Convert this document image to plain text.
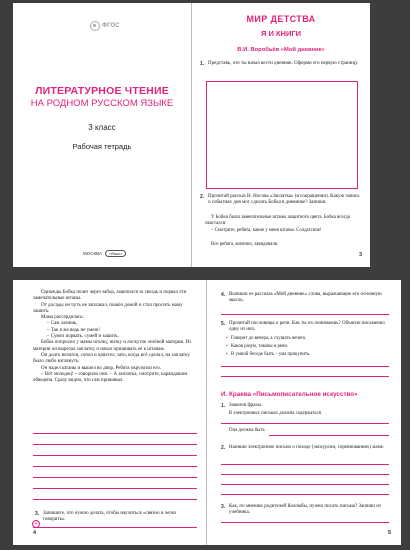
ФГОС
ЛИТЕРАТУРНОЕ ЧТЕНИЕ
НА РОДНОМ РУССКОМ ЯЗЫКЕ
3 класс
Рабочая тетрадь
МОСКВА	«Вако»
МИР ДЕТСТВА
Я И КНИГИ
В.И. Воробьёв «Мой дневник»
1. Представь, что ты начал вести дневник. Оформи его первую страницу.
2. Прочитай рассказ Н. Носова «Заплатка» (в сокращении). Какую запись о событиях дня мог сделать Бобка в дневнике? Запиши.
У Бобки были замечательные штаны защитного цвета. Бобка всегда хвастался:
– Смотрите, ребята, какие у меня штаны. Солдатские!
Все ребята, конечно, завидовали.
3

Однажды Бобка полез через забор, зацепился за гвоздь и порвал эти замечательные штаны.

От досады он чуть не заплакал, пошёл домой и стал просить маму зашить.

Мама рассердилась:

– Сам лазишь,

– Так я же ведь не умею!

– Сумел порвать, сумей и зашить.

Бобка попросил у мамы иголку, нитку и лоскуток зелёной материи. Из материи он вырезал заплатку и начал пришивать её к штанам.

Он долго возился, сопел и кряхтел, зато, когда всё сделал, на заплатку было любо взглянуть.

Он надел штаны и вышел во двор. Ребята окружили его.

– Вот молодец! – говорили они. – А заплатка, смотрите, карандашом обведена. Сразу видно, что сам пришивал.

3. Запишите, что нужно делать, чтобы научиться «связно и легко говорить».
4
4. Выпиши из рассказа «Мой дневник» слова, выражающие его основную мысль.
5. Прочитай пословицы о речи. Как ты их понимаешь? Объясни письменно одну из них.
• Говорит до вечера, а слушать нечего.
• Каков разум, таковы и речи.
• В умной беседе быть – ума прикупить.
И. Краева «Письмописательное искусство»
1. Закончи фразы.
В электронных письмах должна содержаться
Она должна быть
2. Напиши электронное письмо о походе (экскурсии, соревнованиях) маме.
3. Как, по мнению родителей Коломбы, нужно писать письма? Запиши из учебника.
5
